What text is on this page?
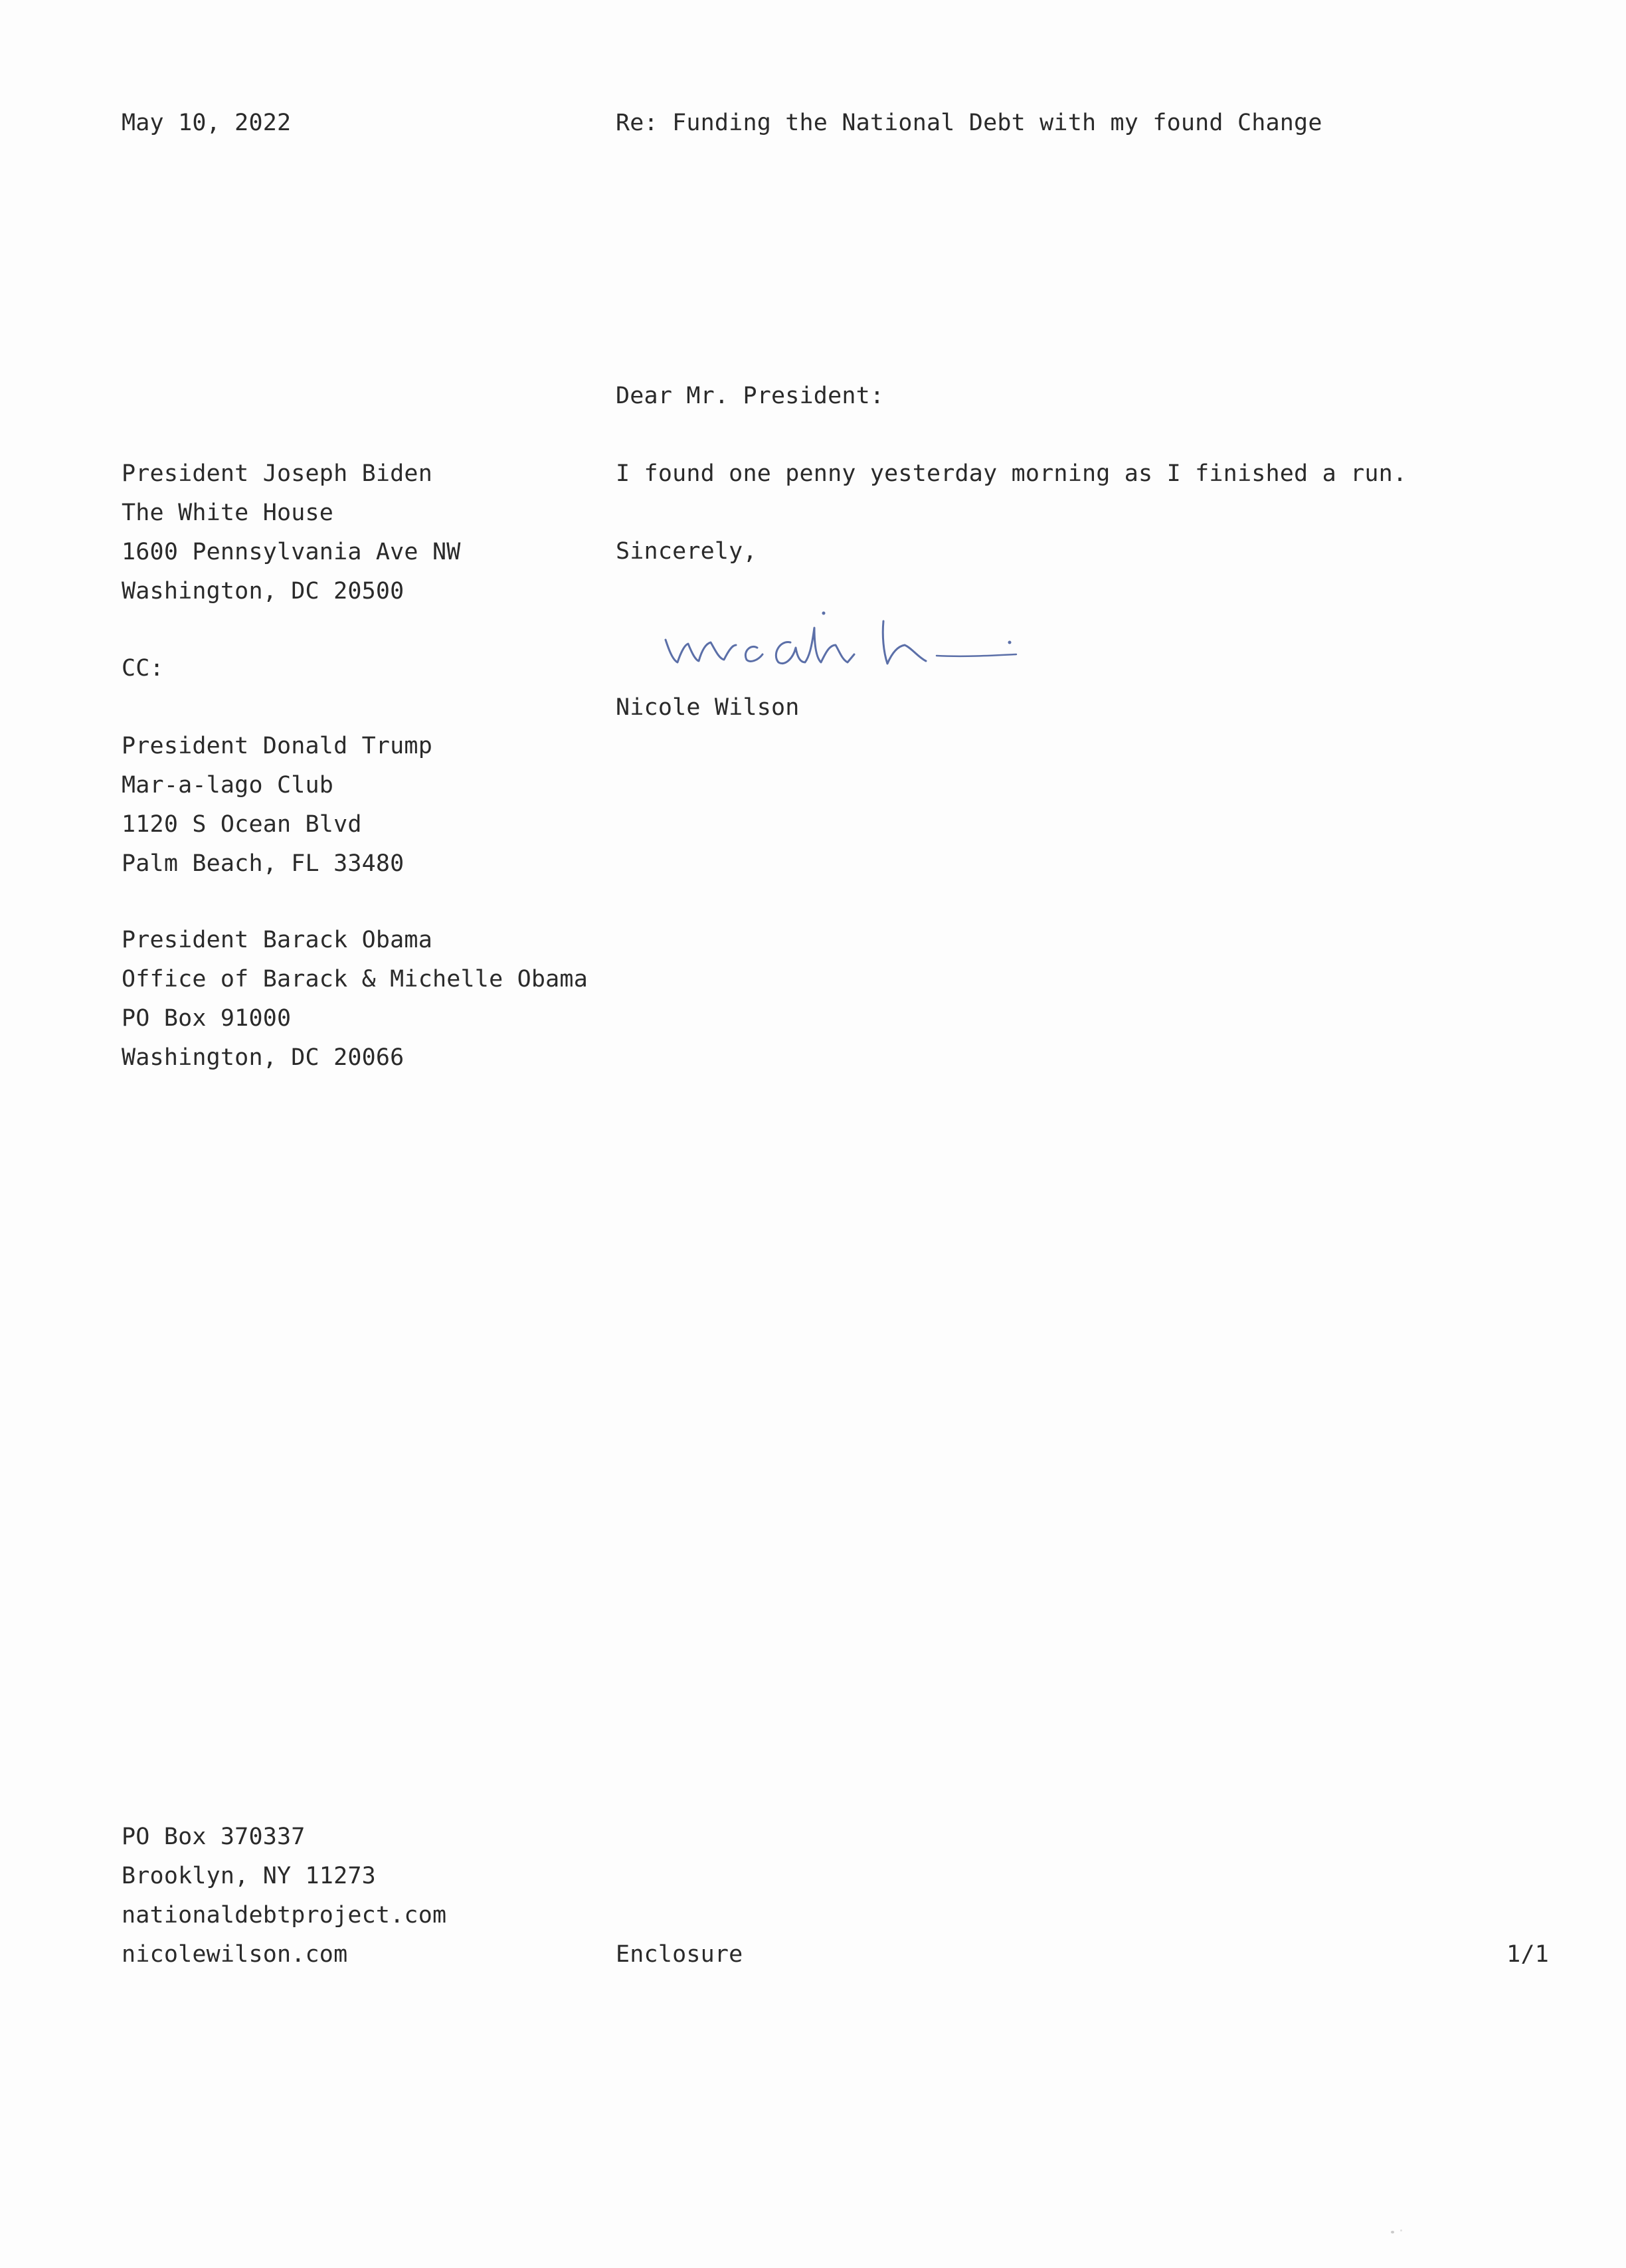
May 10, 2022	Re: Funding the National Debt with my found Change
Dear Mr. President:
I found one penny yesterday morning as I finished a run.
Sincerely,
Nicole Wilson
President Joseph Biden
The White House
1600 Pennsylvania Ave NW
Washington, DC 20500
CC:
President Donald Trump
Mar-a-lago Club
1120 S Ocean Blvd
Palm Beach, FL 33480
President Barack Obama
Office of Barack & Michelle Obama
PO Box 91000
Washington, DC 20066
PO Box 370337
Brooklyn, NY 11273
nationaldebtproject.com
nicolewilson.com	Enclosure	1/1
